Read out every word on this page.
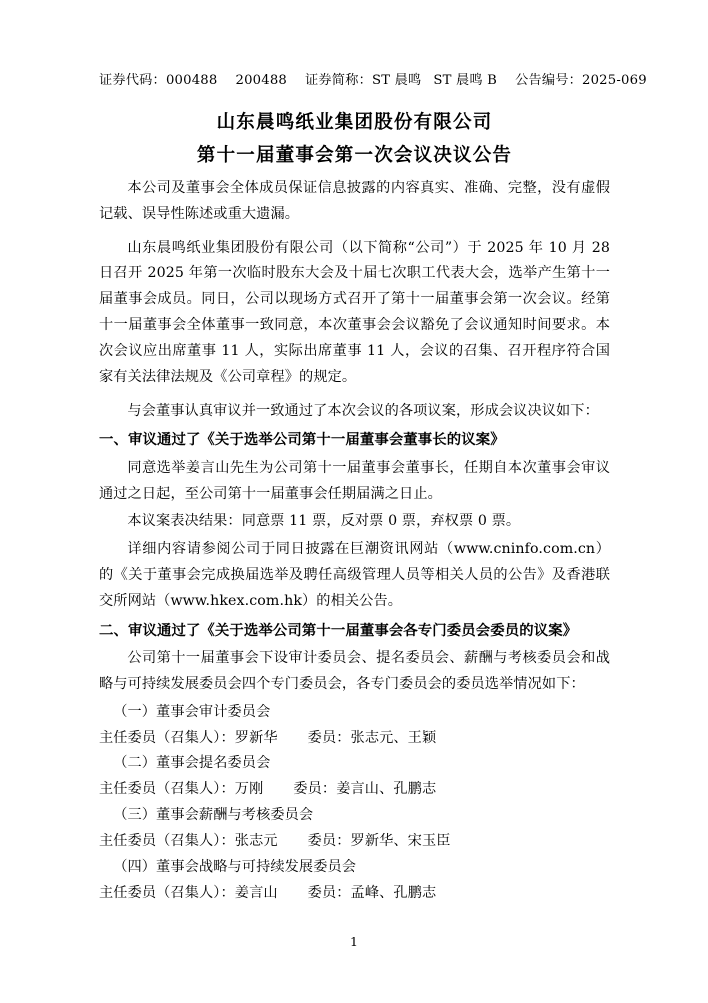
证券代码：000488 200488 证券简称：ST 晨鸣 ST 晨鸣 B 公告编号：2025-069
山东晨鸣纸业集团股份有限公司
第十一届董事会第一次会议决议公告

本公司及董事会全体成员保证信息披露的内容真实、准确、完整，没有虚假记载、误导性陈述或重大遗漏。

山东晨鸣纸业集团股份有限公司（以下简称“公司”）于 2025 年 10 月 28 日召开 2025 年第一次临时股东大会及十届七次职工代表大会，选举产生第十一届董事会成员。同日，公司以现场方式召开了第十一届董事会第一次会议。经第十一届董事会全体董事一致同意，本次董事会会议豁免了会议通知时间要求。本次会议应出席董事 11 人，实际出席董事 11 人，会议的召集、召开程序符合国家有关法律法规及《公司章程》的规定。

与会董事认真审议并一致通过了本次会议的各项议案，形成会议决议如下：

一、审议通过了《关于选举公司第十一届董事会董事长的议案》

同意选举姜言山先生为公司第十一届董事会董事长，任期自本次董事会审议通过之日起，至公司第十一届董事会任期届满之日止。

本议案表决结果：同意票 11 票，反对票 0 票，弃权票 0 票。

详细内容请参阅公司于同日披露在巨潮资讯网站（www.cninfo.com.cn）的《关于董事会完成换届选举及聘任高级管理人员等相关人员的公告》及香港联交所网站（www.hkex.com.hk）的相关公告。

二、审议通过了《关于选举公司第十一届董事会各专门委员会委员的议案》

公司第十一届董事会下设审计委员会、提名委员会、薪酬与考核委员会和战略与可持续发展委员会四个专门委员会，各专门委员会的委员选举情况如下：

（一）董事会审计委员会

主任委员（召集人）：罗新华 委员：张志元、王颖

（二）董事会提名委员会

主任委员（召集人）：万刚 委员：姜言山、孔鹏志

（三）董事会薪酬与考核委员会

主任委员（召集人）：张志元 委员：罗新华、宋玉臣

（四）董事会战略与可持续发展委员会

主任委员（召集人）：姜言山 委员：孟峰、孔鹏志

1
